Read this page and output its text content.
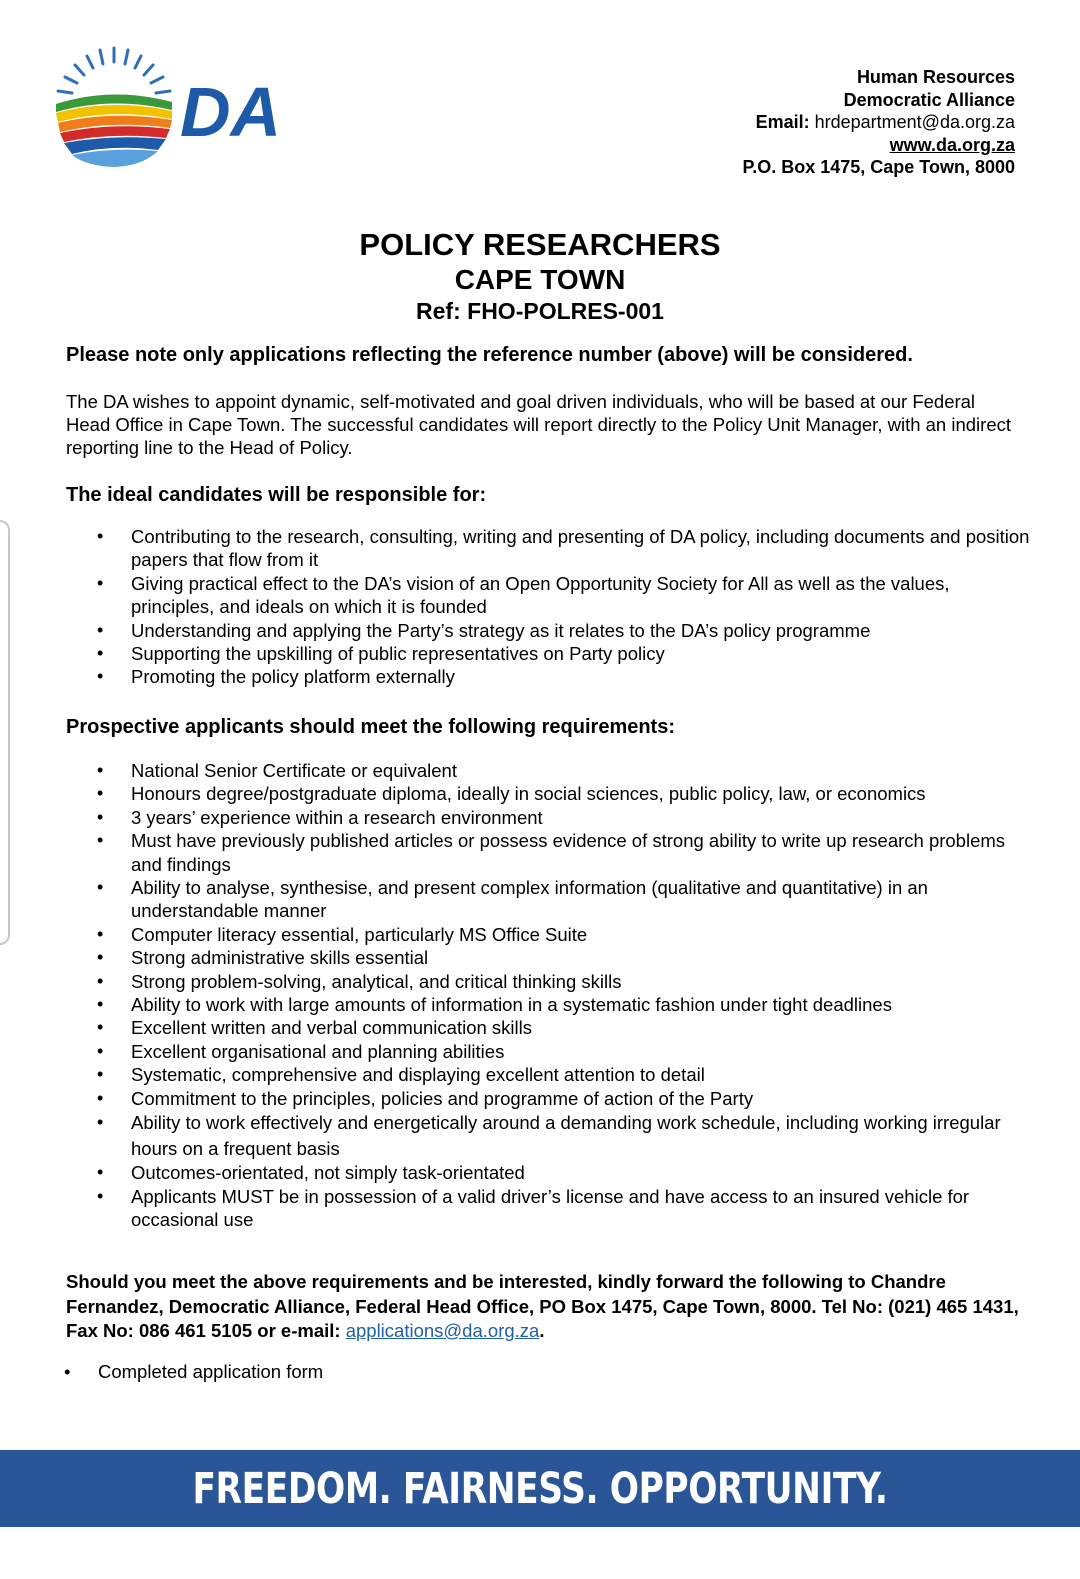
DA	Human Resources
Democratic Alliance
Email: hrdepartment@da.org.za
www.da.org.za
P.O. Box 1475, Cape Town, 8000
POLICY RESEARCHERS
CAPE TOWN
Ref: FHO-POLRES-001
Please note only applications reflecting the reference number (above) will be considered.
The DA wishes to appoint dynamic, self-motivated and goal driven individuals, who will be based at our Federal Head Office in Cape Town. The successful candidates will report directly to the Policy Unit Manager, with an indirect reporting line to the Head of Policy.
The ideal candidates will be responsible for:
• Contributing to the research, consulting, writing and presenting of DA policy, including documents and position papers that flow from it
• Giving practical effect to the DA’s vision of an Open Opportunity Society for All as well as the values, principles, and ideals on which it is founded
• Understanding and applying the Party’s strategy as it relates to the DA’s policy programme
• Supporting the upskilling of public representatives on Party policy
• Promoting the policy platform externally
Prospective applicants should meet the following requirements:
• National Senior Certificate or equivalent
• Honours degree/postgraduate diploma, ideally in social sciences, public policy, law, or economics
• 3 years’ experience within a research environment
• Must have previously published articles or possess evidence of strong ability to write up research problems and findings
• Ability to analyse, synthesise, and present complex information (qualitative and quantitative) in an understandable manner
• Computer literacy essential, particularly MS Office Suite
• Strong administrative skills essential
• Strong problem-solving, analytical, and critical thinking skills
• Ability to work with large amounts of information in a systematic fashion under tight deadlines
• Excellent written and verbal communication skills
• Excellent organisational and planning abilities
• Systematic, comprehensive and displaying excellent attention to detail
• Commitment to the principles, policies and programme of action of the Party
• Ability to work effectively and energetically around a demanding work schedule, including working irregular hours on a frequent basis
• Outcomes-orientated, not simply task-orientated
• Applicants MUST be in possession of a valid driver’s license and have access to an insured vehicle for occasional use
Should you meet the above requirements and be interested, kindly forward the following to Chandre Fernandez, Democratic Alliance, Federal Head Office, PO Box 1475, Cape Town, 8000. Tel No: (021) 465 1431, Fax No: 086 461 5105 or e-mail: applications@da.org.za.
• Completed application form
FREEDOM. FAIRNESS. OPPORTUNITY. DIVERSITY.
